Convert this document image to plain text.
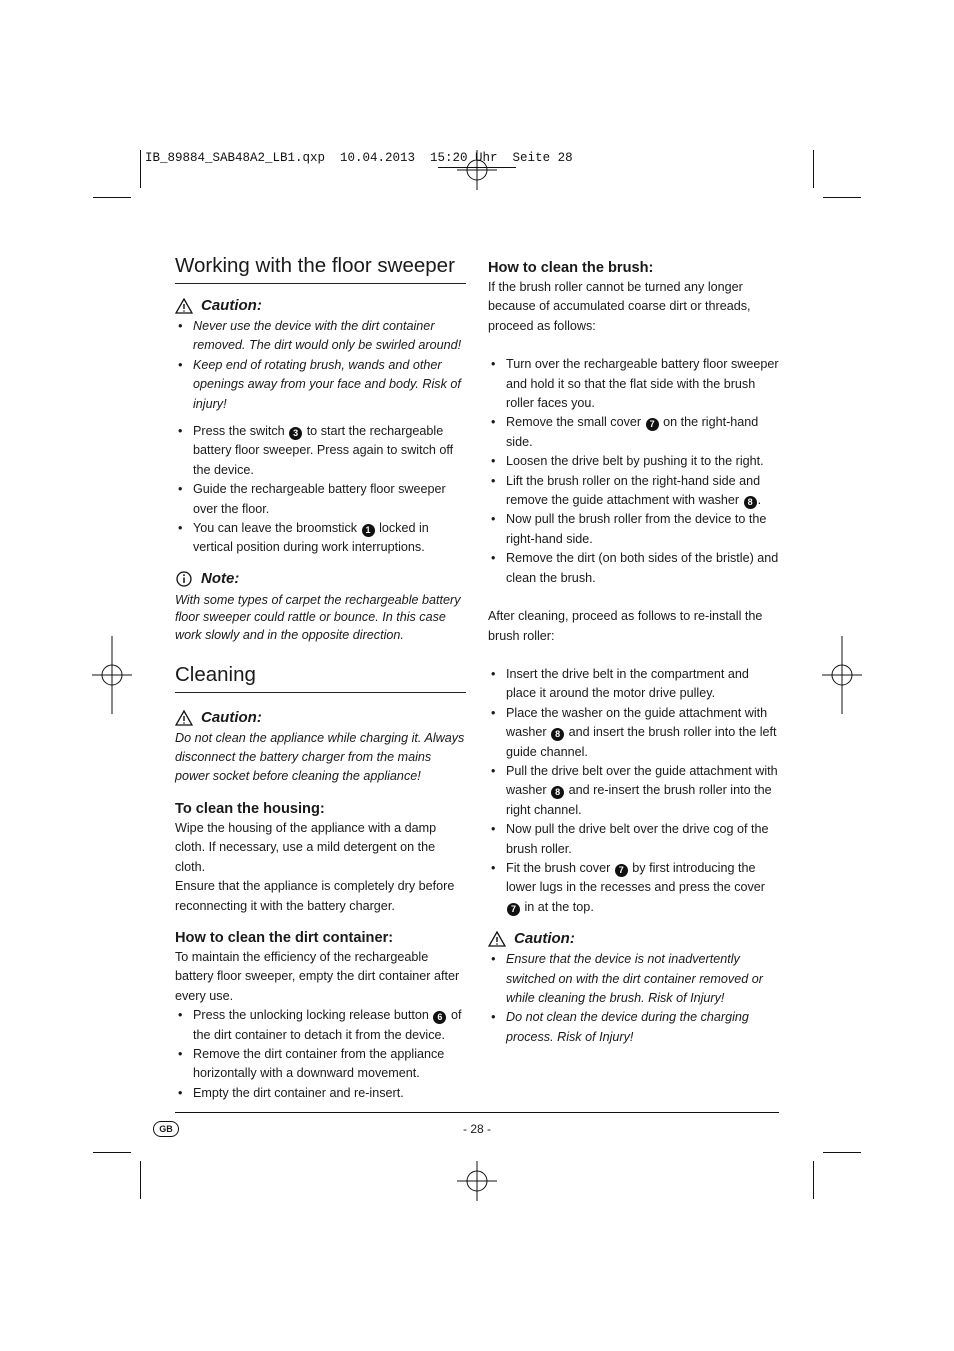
IB_89884_SAB48A2_LB1.qxp  10.04.2013  15:20 Uhr  Seite 28
Working with the floor sweeper
Caution:
• Never use the device with the dirt container removed. The dirt would only be swirled around!
• Keep end of rotating brush, wands and other openings away from your face and body. Risk of injury!
• Press the switch 3 to start the rechargeable battery floor sweeper. Press again to switch off the device.
• Guide the rechargeable battery floor sweeper over the floor.
• You can leave the broomstick 1 locked in vertical position during work interruptions.
Note:

With some types of carpet the rechargeable battery floor sweeper could rattle or bounce. In this case work slowly and in the opposite direction.

Cleaning
Caution:

Do not clean the appliance while charging it. Always disconnect the battery charger from the mains power socket before cleaning the appliance!

To clean the housing:

Wipe the housing of the appliance with a damp cloth. If necessary, use a mild detergent on the cloth.

Ensure that the appliance is completely dry before reconnecting it with the battery charger.

How to clean the dirt container:

To maintain the efficiency of the rechargeable battery floor sweeper, empty the dirt container after every use.

• Press the unlocking locking release button 6 of the dirt container to detach it from the device.
• Remove the dirt container from the appliance horizontally with a downward movement.
• Empty the dirt container and re-insert.
How to clean the brush:

If the brush roller cannot be turned any longer because of accumulated coarse dirt or threads, proceed as follows:

• Turn over the rechargeable battery floor sweeper and hold it so that the flat side with the brush roller faces you.
• Remove the small cover 7 on the right-hand side.
• Loosen the drive belt by pushing it to the right.
• Lift the brush roller on the right-hand side and remove the guide attachment with washer 8 .
• Now pull the brush roller from the device to the right-hand side.
• Remove the dirt (on both sides of the bristle) and clean the brush.

After cleaning, proceed as follows to re-install the brush roller:

• Insert the drive belt in the compartment and place it around the motor drive pulley.
• Place the washer on the guide attachment with washer 8 and insert the brush roller into the left guide channel.
• Pull the drive belt over the guide attachment with washer 8 and re-insert the brush roller into the right channel.
• Now pull the drive belt over the drive cog of the brush roller.
• Fit the brush cover 7 by first introducing the lower lugs in the recesses and press the cover 7 in at the top.
Caution:
• Ensure that the device is not inadvertently switched on with the dirt container removed or while cleaning the brush. Risk of Injury!
• Do not clean the device during the charging process. Risk of Injury!
GB	- 28 -
